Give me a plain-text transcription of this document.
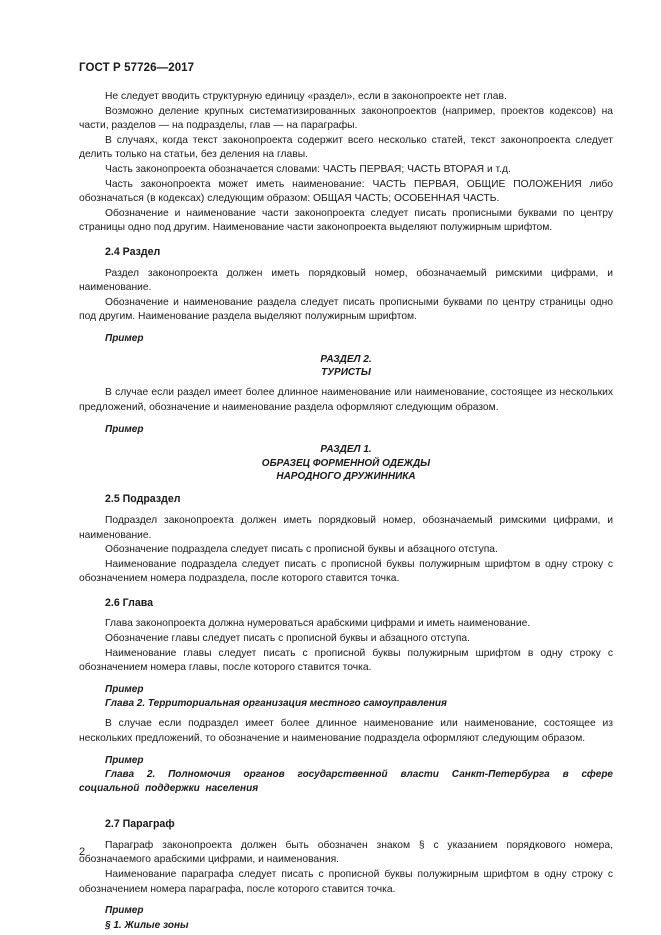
ГОСТ Р 57726—2017

Не следует вводить структурную единицу «раздел», если в законопроекте нет глав.

Возможно деление крупных систематизированных законопроектов (например, проектов кодексов) на части, разделов — на подразделы, глав — на параграфы.

В случаях, когда текст законопроекта содержит всего несколько статей, текст законопроекта следует делить только на статьи, без деления на главы.

Часть законопроекта обозначается словами: ЧАСТЬ ПЕРВАЯ; ЧАСТЬ ВТОРАЯ и т.д.

Часть законопроекта может иметь наименование: ЧАСТЬ ПЕРВАЯ, ОБЩИЕ ПОЛОЖЕНИЯ либо обозначаться (в кодексах) следующим образом: ОБЩАЯ ЧАСТЬ; ОСОБЕННАЯ ЧАСТЬ.

Обозначение и наименование части законопроекта следует писать прописными буквами по центру страницы одно под другим. Наименование части законопроекта выделяют полужирным шрифтом.

2.4 Раздел

Раздел законопроекта должен иметь порядковый номер, обозначаемый римскими цифрами, и наименование.

Обозначение и наименование раздела следует писать прописными буквами по центру страницы одно под другим. Наименование раздела выделяют полужирным шрифтом.

Пример
РАЗДЕЛ 2.
ТУРИСТЫ

В случае если раздел имеет более длинное наименование или наименование, состоящее из нескольких предложений, обозначение и наименование раздела оформляют следующим образом.

Пример
РАЗДЕЛ 1.
ОБРАЗЕЦ ФОРМЕННОЙ ОДЕЖДЫ
НАРОДНОГО ДРУЖИННИКА
2.5 Подраздел

Подраздел законопроекта должен иметь порядковый номер, обозначаемый римскими цифрами, и наименование.

Обозначение подраздела следует писать с прописной буквы и абзацного отступа.

Наименование подраздела следует писать с прописной буквы полужирным шрифтом в одну строку с обозначением номера подраздела, после которого ставится точка.

2.6 Глава

Глава законопроекта должна нумероваться арабскими цифрами и иметь наименование.

Обозначение главы следует писать с прописной буквы и абзацного отступа.

Наименование главы следует писать с прописной буквы полужирным шрифтом в одну строку с обозначением номера главы, после которого ставится точка.

Пример

Глава 2. Территориальная организация местного самоуправления

В случае если подраздел имеет более длинное наименование или наименование, состоящее из нескольких предложений, то обозначение и наименование подраздела оформляют следующим образом.

Пример

Глава 2. Полномочия органов государственной власти Санкт-Петербурга в сфере социальной поддержки населения

2.7 Параграф

Параграф законопроекта должен быть обозначен знаком § с указанием порядкового номера, обозначаемого арабскими цифрами, и наименования.

Наименование параграфа следует писать с прописной буквы полужирным шрифтом в одну строку с обозначением номера параграфа, после которого ставится точка.

Пример

§ 1. Жилые зоны

2
